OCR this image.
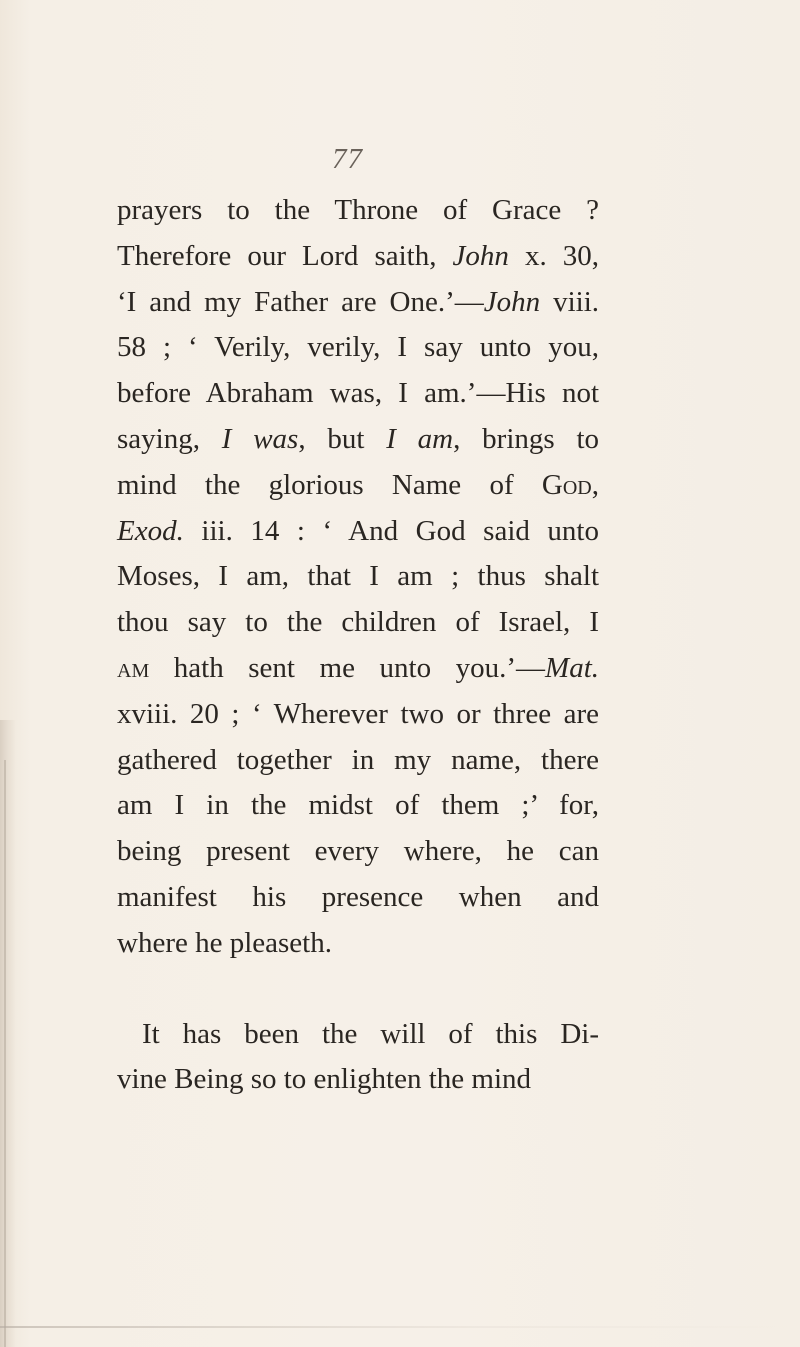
77
prayers to the Throne of Grace ?
Therefore our Lord saith, John x. 30,
‘I and my Father are One.’—John viii.
58 ; ‘ Verily, verily, I say unto you,
before Abraham was, I am.’—His not
saying, I was, but I am, brings to
mind the glorious Name of God,
Exod. iii. 14 : ‘ And God said unto
Moses, I am, that I am ; thus shalt
thou say to the children of Israel, I
am hath sent me unto you.’—Mat.
xviii. 20 ; ‘ Wherever two or three are
gathered together in my name, there
am I in the midst of them ;’ for,
being present every where, he can
manifest his presence when and
where he pleaseth.
It has been the will of this Di-
vine Being so to enlighten the mind
